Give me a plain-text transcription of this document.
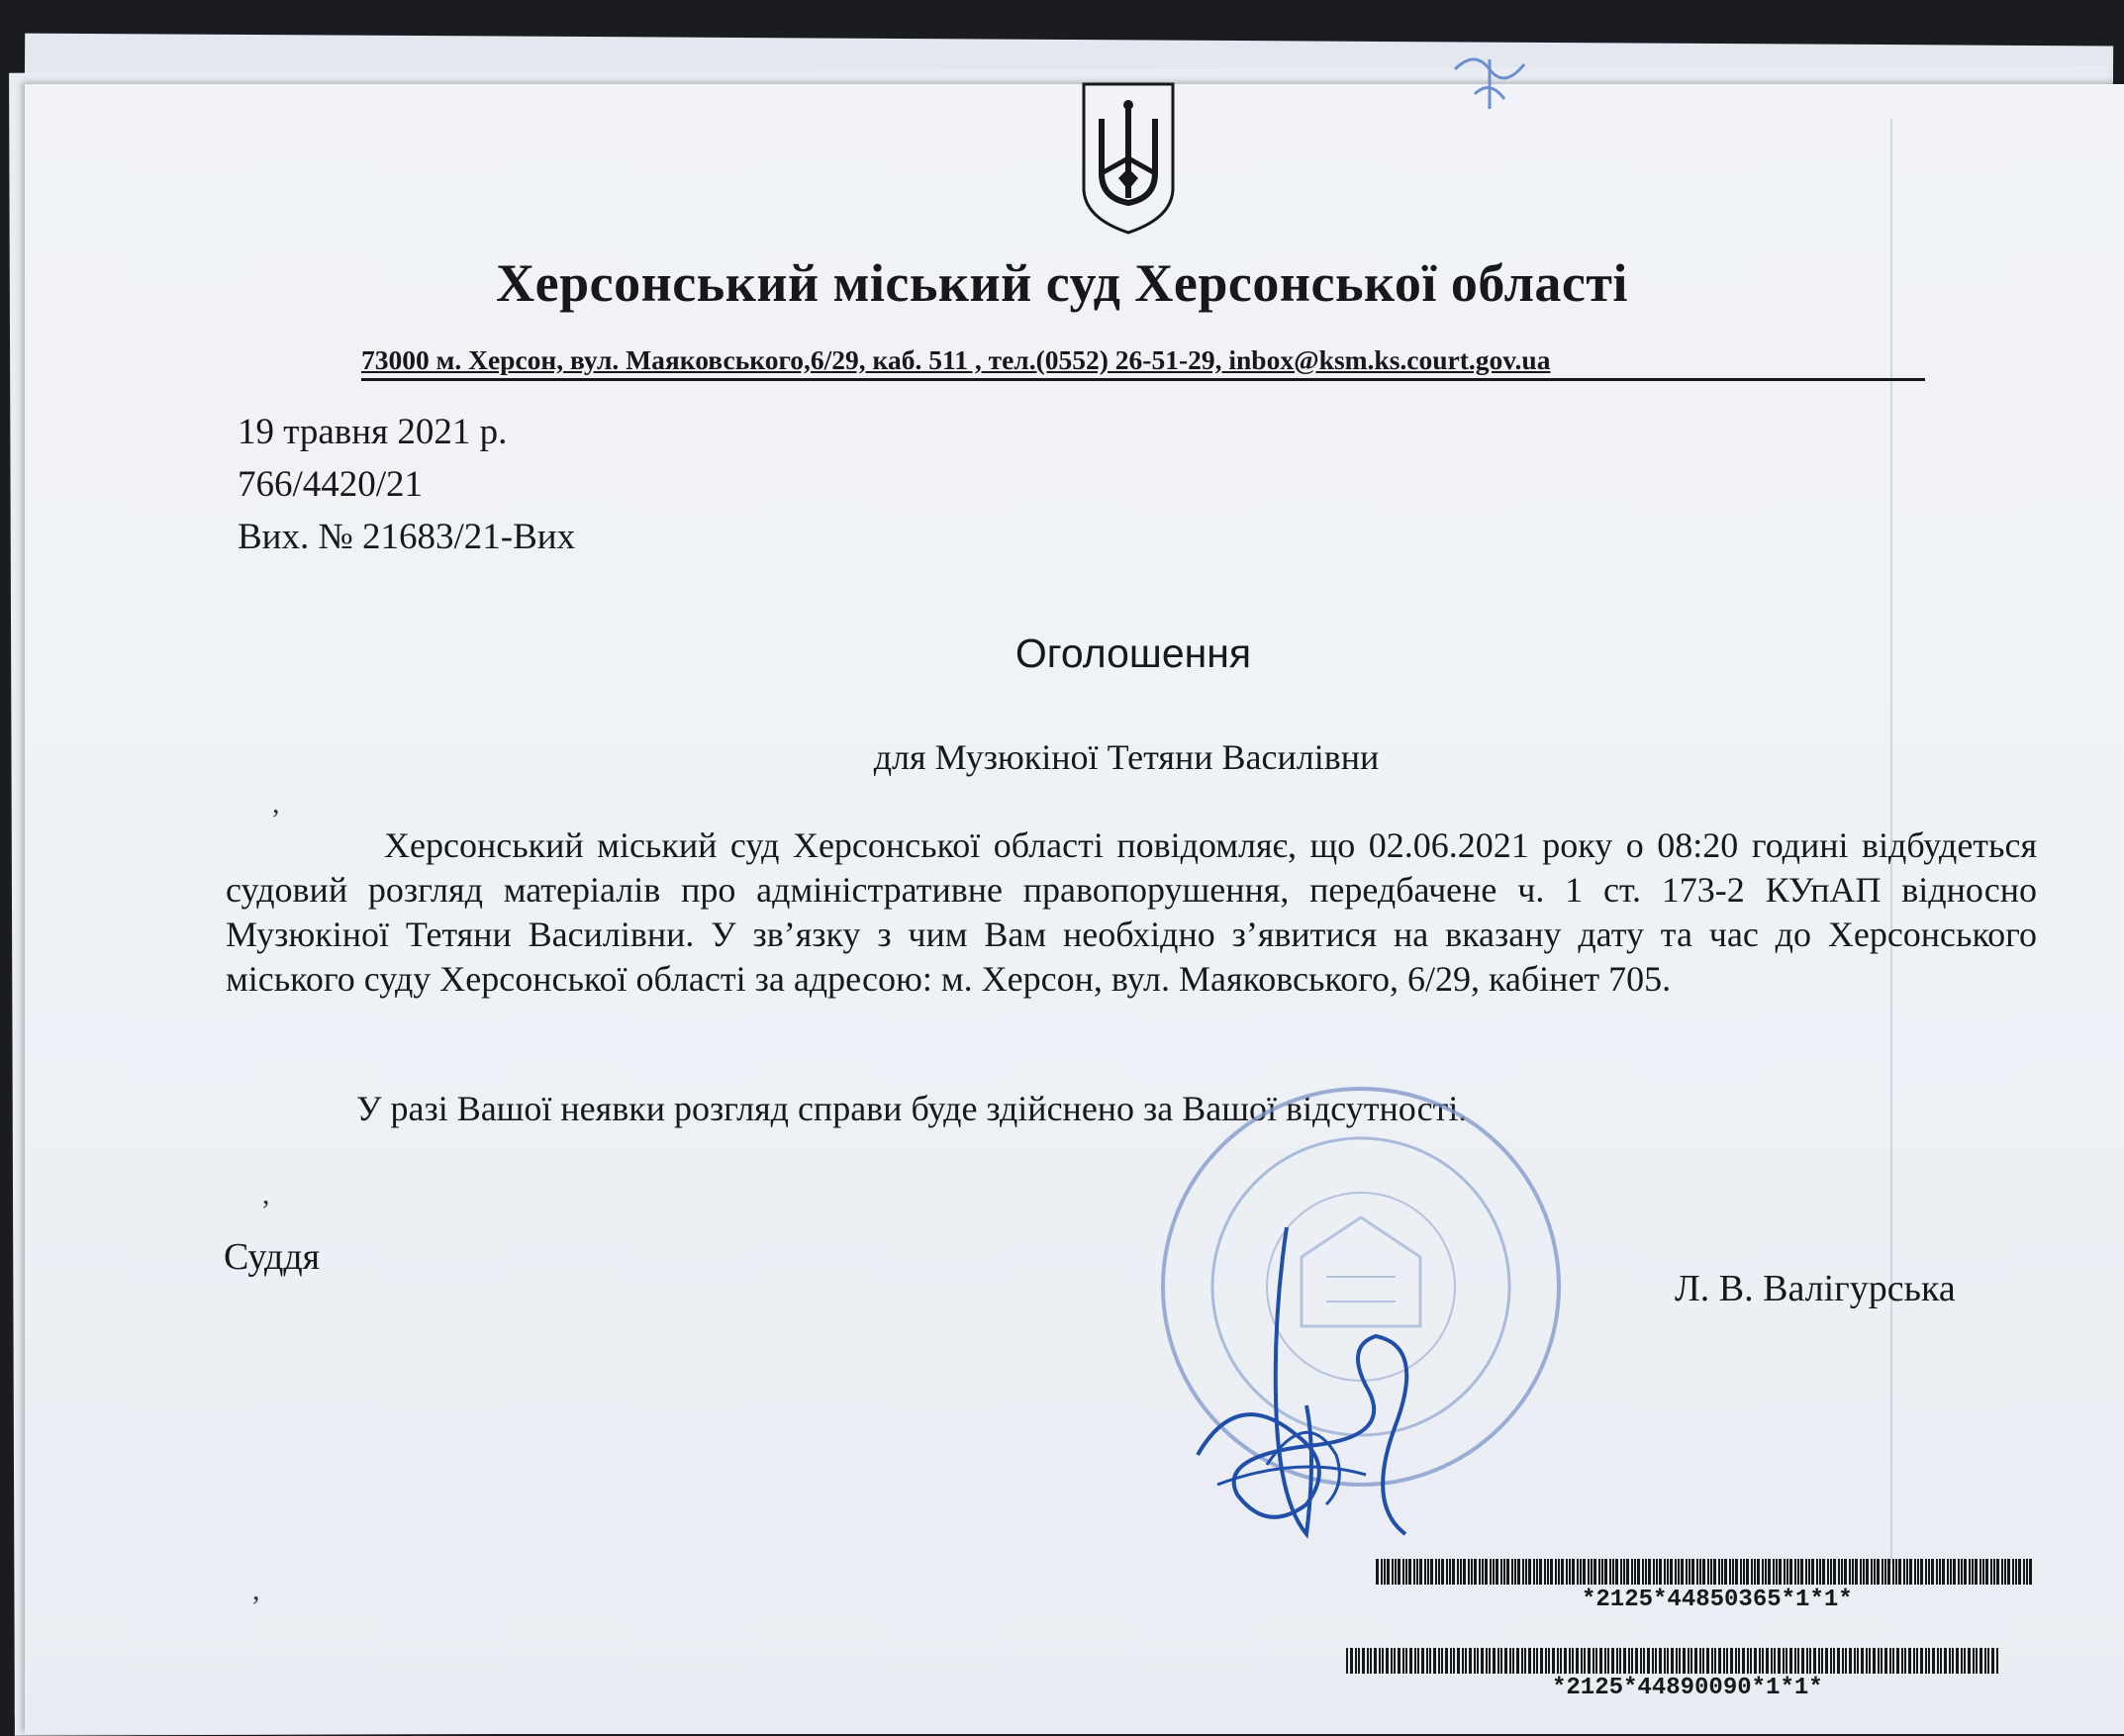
Херсонський міський суд Херсонської області
73000 м. Херсон, вул. Маяковського,6/29, каб. 511 , тел.(0552) 26-51-29, inbox@ksm.ks.court.gov.ua
19 травня 2021 р.
766/4420/21
Вих. № 21683/21-Вих
Оголошення
для Музюкіної Тетяни Василівни
,
,
,
Херсонський міський суд Херсонської області повідомляє, що 02.06.2021 року о 08:20 годині відбудеться судовий розгляд матеріалів про адміністративне правопорушення, передбачене ч. 1 ст. 173-2 КУпАП відносно Музюкіної Тетяни Василівни. У зв’язку з чим Вам необхідно з’явитися на вказану дату та час до Херсонського міського суду Херсонської області за адресою: м. Херсон, вул. Маяковського, 6/29, кабінет 705.
У разі Вашої неявки розгляд справи буде здійснено за Вашої відсутності.
Суддя
Л. В. Валігурська
*2125*44850365*1*1*
*2125*44890090*1*1*
